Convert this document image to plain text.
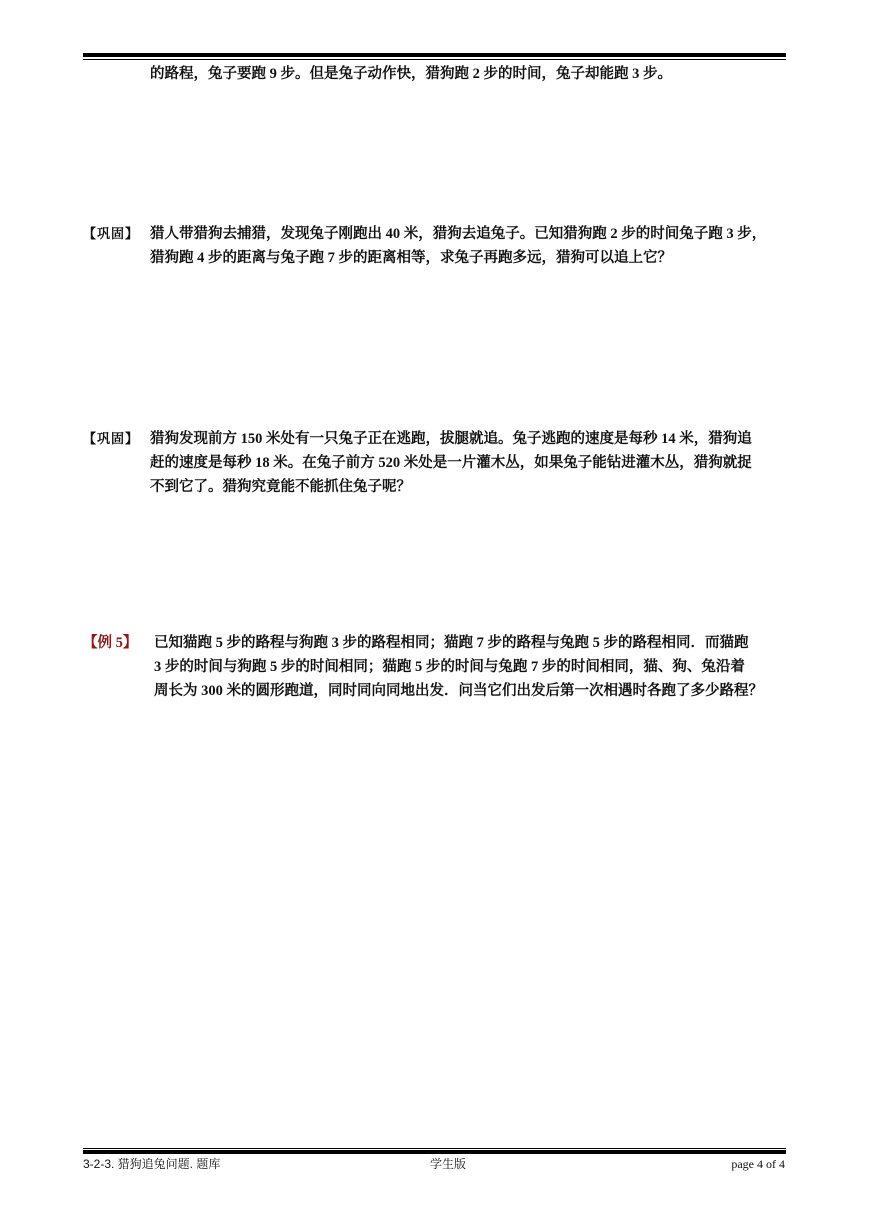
的路程，兔子要跑 9 步。但是兔子动作快，猎狗跑 2 步的时间，兔子却能跑 3 步。
【巩固】 猎人带猎狗去捕猎，发现兔子刚跑出 40 米，猎狗去追兔子。已知猎狗跑 2 步的时间兔子跑 3 步，
猎狗跑 4 步的距离与兔子跑 7 步的距离相等，求兔子再跑多远，猎狗可以追上它？
【巩固】 猎狗发现前方 150 米处有一只兔子正在逃跑，拔腿就追。兔子逃跑的速度是每秒 14 米，猎狗追
赶的速度是每秒 18 米。在兔子前方 520 米处是一片灌木丛，如果兔子能钻进灌木丛，猎狗就捉
不到它了。猎狗究竟能不能抓住兔子呢？
【例 5】 已知猫跑 5 步的路程与狗跑 3 步的路程相同；猫跑 7 步的路程与兔跑 5 步的路程相同．而猫跑
3 步的时间与狗跑 5 步的时间相同；猫跑 5 步的时间与兔跑 7 步的时间相同，猫、狗、兔沿着
周长为 300 米的圆形跑道，同时同向同地出发．问当它们出发后第一次相遇时各跑了多少路程？
3-2-3. 猎狗追兔问题. 题库	学生版	page 4 of 4
